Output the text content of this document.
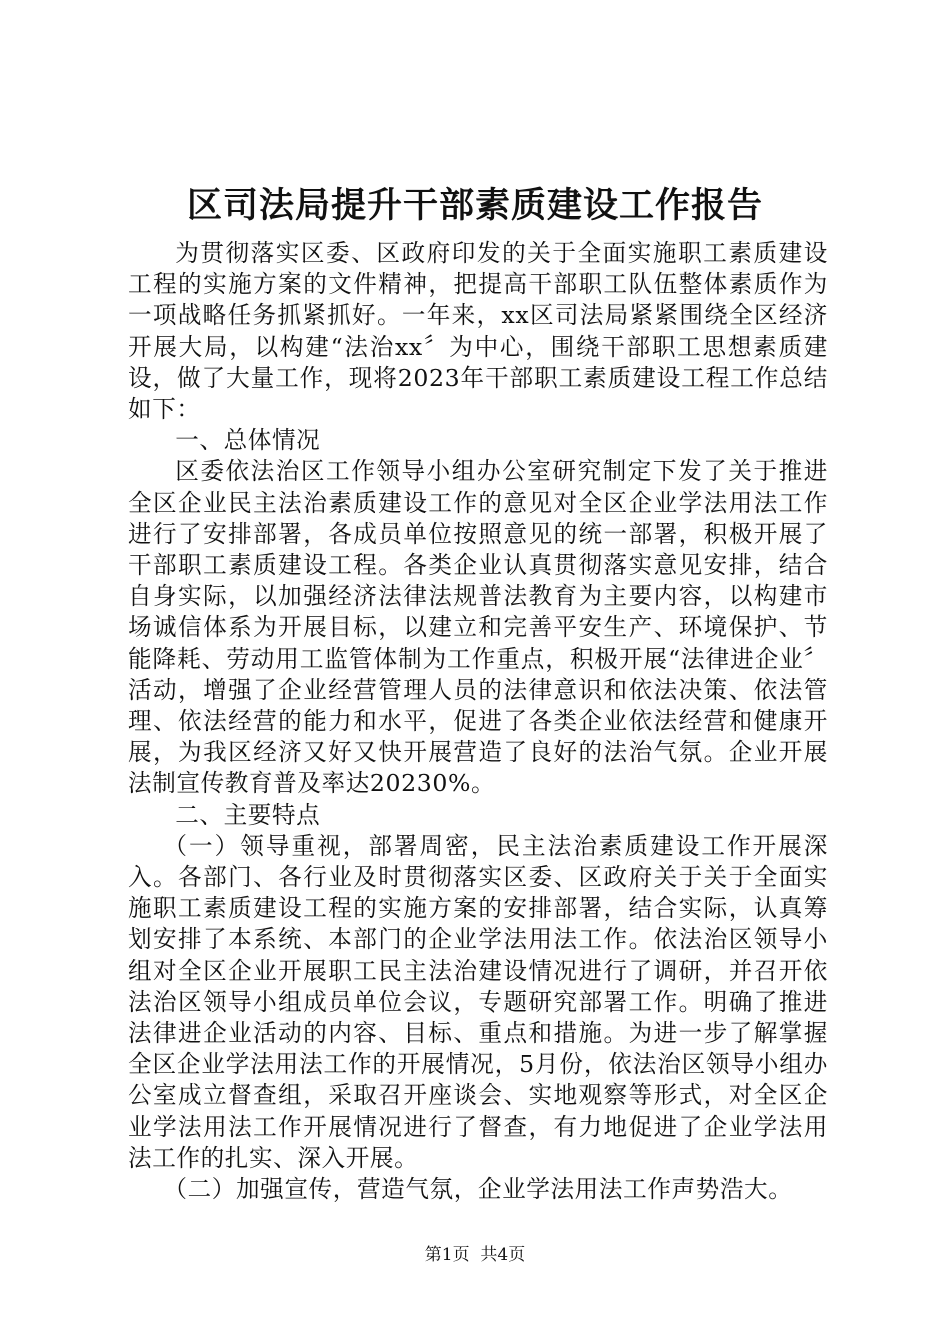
区司法局提升干部素质建设工作报告

为贯彻落实区委、区政府印发的关于全面实施职工素质建设工程的实施方案的文件精神，把提高干部职工队伍整体素质作为一项战略任务抓紧抓好。一年来，xx区司法局紧紧围绕全区经济开展大局，以构建“法治xx〞为中心，围绕干部职工思想素质建设，做了大量工作，现将2023年干部职工素质建设工程工作总结如下：

一、总体情况

区委依法治区工作领导小组办公室研究制定下发了关于推进全区企业民主法治素质建设工作的意见对全区企业学法用法工作进行了安排部署，各成员单位按照意见的统一部署，积极开展了干部职工素质建设工程。各类企业认真贯彻落实意见安排，结合自身实际，以加强经济法律法规普法教育为主要内容，以构建市场诚信体系为开展目标，以建立和完善平安生产、环境保护、节能降耗、劳动用工监管体制为工作重点，积极开展“法律进企业〞活动，增强了企业经营管理人员的法律意识和依法决策、依法管理、依法经营的能力和水平，促进了各类企业依法经营和健康开展，为我区经济又好又快开展营造了良好的法治气氛。企业开展法制宣传教育普及率达20230%。

二、主要特点

（一）领导重视，部署周密，民主法治素质建设工作开展深入。各部门、各行业及时贯彻落实区委、区政府关于关于全面实施职工素质建设工程的实施方案的安排部署，结合实际，认真筹划安排了本系统、本部门的企业学法用法工作。依法治区领导小组对全区企业开展职工民主法治建设情况进行了调研，并召开依法治区领导小组成员单位会议，专题研究部署工作。明确了推进法律进企业活动的内容、目标、重点和措施。为进一步了解掌握全区企业学法用法工作的开展情况，5月份，依法治区领导小组办公室成立督查组，采取召开座谈会、实地观察等形式，对全区企业学法用法工作开展情况进行了督查，有力地促进了企业学法用法工作的扎实、深入开展。

（二）加强宣传，营造气氛，企业学法用法工作声势浩大。

第1页 共4页
